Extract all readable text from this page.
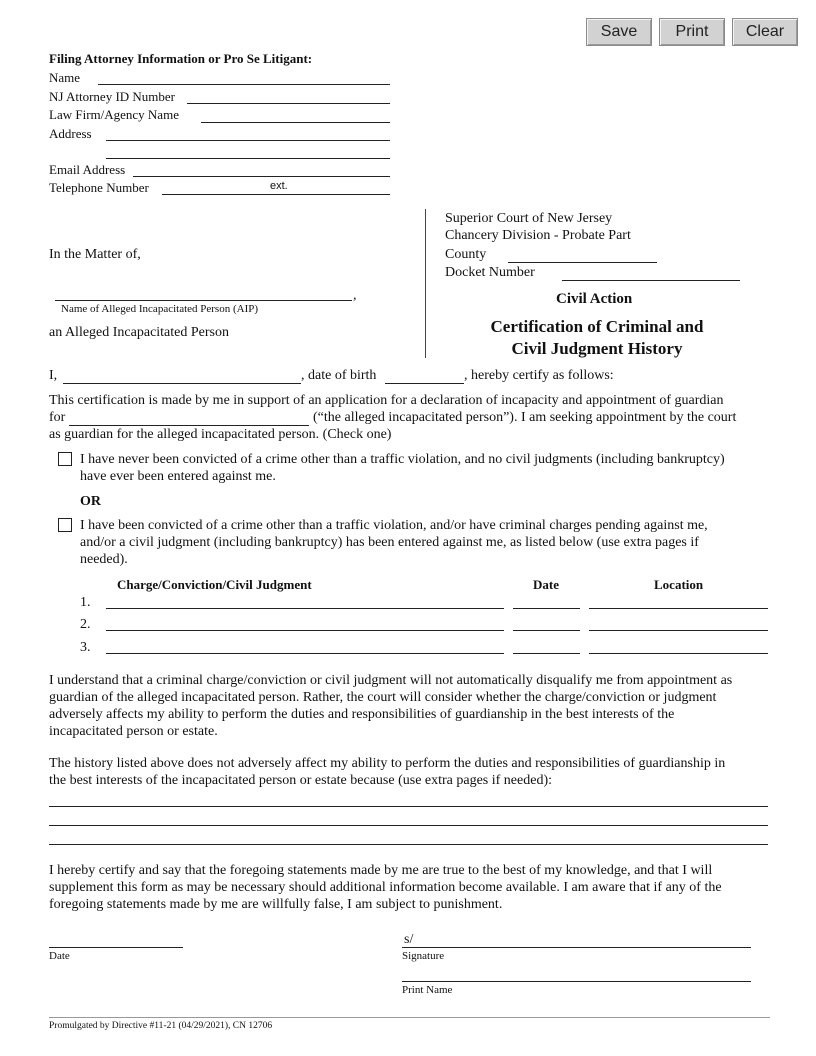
Save	Print	Clear
Filing Attorney Information or Pro Se Litigant:
Name
NJ Attorney ID Number
Law Firm/Agency Name
Address
Email Address
Telephone Number	ext.
In the Matter of,
,
Name of Alleged Incapacitated Person (AIP)
an Alleged Incapacitated Person
Superior Court of New Jersey
Chancery Division - Probate Part
County
Docket Number
Civil Action
Certification of Criminal and
Civil Judgment History
I,	, date of birth	, hereby certify as follows:
This certification is made by me in support of an application for a declaration of incapacity and appointment of guardian
for	(“the alleged incapacitated person”). I am seeking appointment by the court
as guardian for the alleged incapacitated person. (Check one)
I have never been convicted of a crime other than a traffic violation, and no civil judgments (including bankruptcy)
have ever been entered against me.
OR
I have been convicted of a crime other than a traffic violation, and/or have criminal charges pending against me,
and/or a civil judgment (including bankruptcy) has been entered against me, as listed below (use extra pages if
needed).
Charge/Conviction/Civil Judgment	Date	Location
1.
2.
3.
I understand that a criminal charge/conviction or civil judgment will not automatically disqualify me from appointment as
guardian of the alleged incapacitated person. Rather, the court will consider whether the charge/conviction or judgment
adversely affects my ability to perform the duties and responsibilities of guardianship in the best interests of the
incapacitated person or estate.
The history listed above does not adversely affect my ability to perform the duties and responsibilities of guardianship in
the best interests of the incapacitated person or estate because (use extra pages if needed):
I hereby certify and say that the foregoing statements made by me are true to the best of my knowledge, and that I will
supplement this form as may be necessary should additional information become available. I am aware that if any of the
foregoing statements made by me are willfully false, I am subject to punishment.
Date
s/
Signature
Print Name
Promulgated by Directive #11-21 (04/29/2021), CN 12706
